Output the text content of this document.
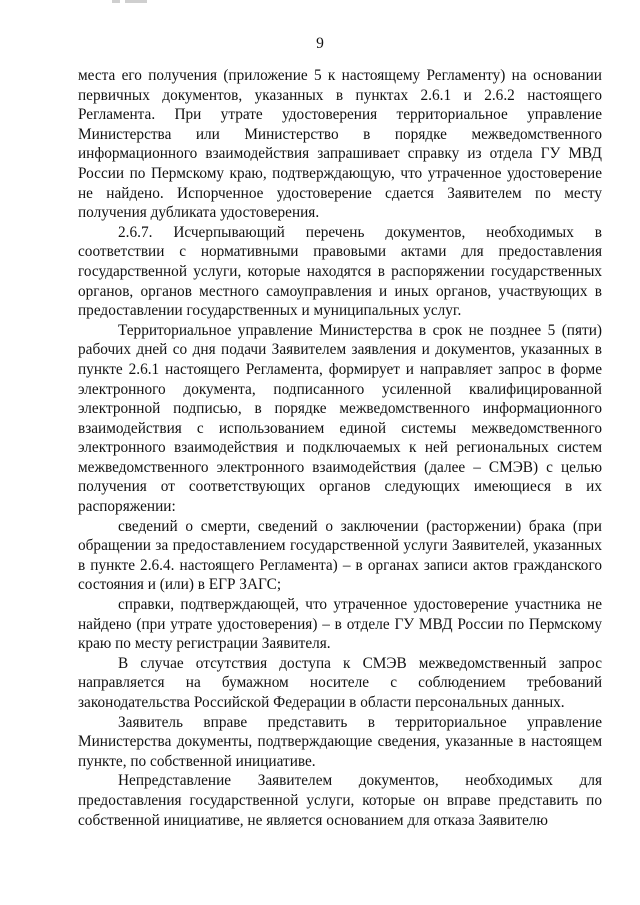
9

места его получения (приложение 5 к настоящему Регламенту) на основании первичных документов, указанных в пунктах 2.6.1 и 2.6.2 настоящего Регламента. При утрате удостоверения территориальное управление Министерства или Министерство в порядке межведомственного информационного взаимодействия запрашивает справку из отдела ГУ МВД России по Пермскому краю, подтверждающую, что утраченное удостоверение не найдено. Испорченное удостоверение сдается Заявителем по месту получения дубликата удостоверения.

2.6.7. Исчерпывающий перечень документов, необходимых в соответствии с нормативными правовыми актами для предоставления государственной услуги, которые находятся в распоряжении государственных органов, органов местного самоуправления и иных органов, участвующих в предоставлении государственных и муниципальных услуг.

Территориальное управление Министерства в срок не позднее 5 (пяти) рабочих дней со дня подачи Заявителем заявления и документов, указанных в пункте 2.6.1 настоящего Регламента, формирует и направляет запрос в форме электронного документа, подписанного усиленной квалифицированной электронной подписью, в порядке межведомственного информационного взаимодействия с использованием единой системы межведомственного электронного взаимодействия и подключаемых к ней региональных систем межведомственного электронного взаимодействия (далее – СМЭВ) с целью получения от соответствующих органов следующих имеющиеся в их распоряжении:

сведений о смерти, сведений о заключении (расторжении) брака (при обращении за предоставлением государственной услуги Заявителей, указанных в пункте 2.6.4. настоящего Регламента) – в органах записи актов гражданского состояния и (или) в ЕГР ЗАГС;

справки, подтверждающей, что утраченное удостоверение участника не найдено (при утрате удостоверения) – в отделе ГУ МВД России по Пермскому краю по месту регистрации Заявителя.

В случае отсутствия доступа к СМЭВ межведомственный запрос направляется на бумажном носителе с соблюдением требований законодательства Российской Федерации в области персональных данных.

Заявитель вправе представить в территориальное управление Министерства документы, подтверждающие сведения, указанные в настоящем пункте, по собственной инициативе.

Непредставление Заявителем документов, необходимых для предоставления государственной услуги, которые он вправе представить по собственной инициативе, не является основанием для отказа Заявителю
